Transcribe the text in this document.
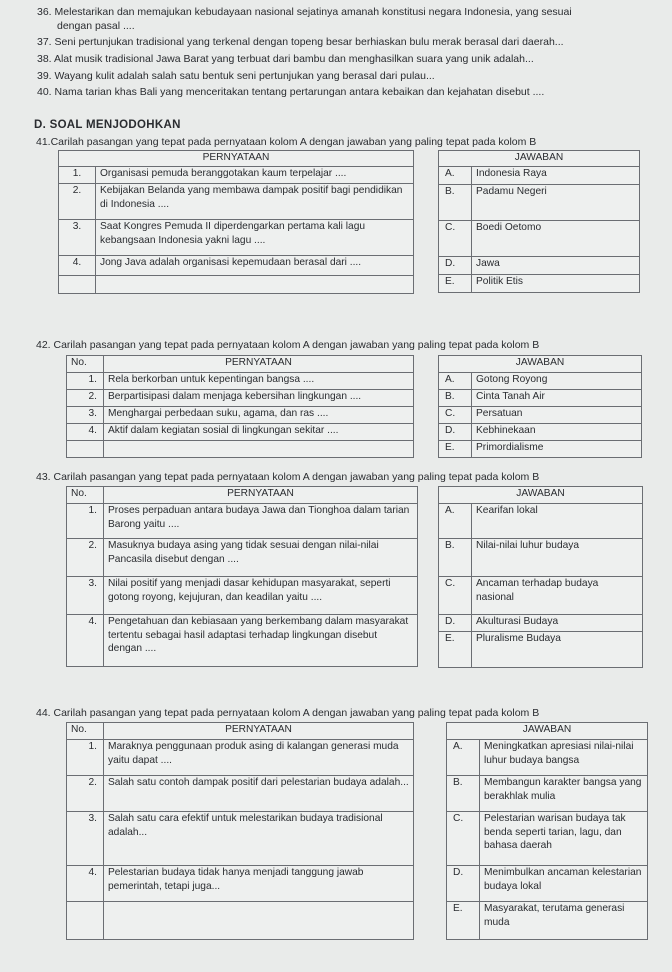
36. Melestarikan dan memajukan kebudayaan nasional sejatinya amanah konstitusi negara Indonesia, yang sesuai
dengan pasal ....
37. Seni pertunjukan tradisional yang terkenal dengan topeng besar berhiaskan bulu merak berasal dari daerah...
38. Alat musik tradisional Jawa Barat yang terbuat dari bambu dan menghasilkan suara yang unik adalah...
39. Wayang kulit adalah salah satu bentuk seni pertunjukan yang berasal dari pulau...
40. Nama tarian khas Bali yang menceritakan tentang pertarungan antara kebaikan dan kejahatan disebut ....
D. SOAL MENJODOHKAN
41.Carilah pasangan yang tepat pada pernyataan kolom A dengan jawaban yang paling tepat pada kolom B
PERNYATAAN	
1.	Organisasi pemuda beranggotakan kaum terpelajar ....
2.	Kebijakan Belanda yang membawa dampak positif bagi pendidikan di Indonesia ....
3.	Saat Kongres Pemuda II diperdengarkan pertama kali lagu kebangsaan Indonesia yakni lagu ....
4.	Jong Java adalah organisasi kepemudaan berasal dari ....

JAWABAN	
A.	Indonesia Raya
B.	Padamu Negeri
C.	Boedi Oetomo
D.	Jawa
E.	Politik Etis
42. Carilah pasangan yang tepat pada pernyataan kolom A dengan jawaban yang paling tepat pada kolom B
No.	PERNYATAAN
1.	Rela berkorban untuk kepentingan bangsa ....
2.	Berpartisipasi dalam menjaga kebersihan lingkungan ....
3.	Menghargai perbedaan suku, agama, dan ras ....
4.	Aktif dalam kegiatan sosial di lingkungan sekitar ....

JAWABAN	
A.	Gotong Royong
B.	Cinta Tanah Air
C.	Persatuan
D.	Kebhinekaan
E.	Primordialisme
43. Carilah pasangan yang tepat pada pernyataan kolom A dengan jawaban yang paling tepat pada kolom B
No.	PERNYATAAN
1.	Proses perpaduan antara budaya Jawa dan Tionghoa dalam tarian Barong yaitu ....
2.	Masuknya budaya asing yang tidak sesuai dengan nilai-nilai Pancasila disebut dengan ....
3.	Nilai positif yang menjadi dasar kehidupan masyarakat, seperti gotong royong, kejujuran, dan keadilan yaitu ....
4.	Pengetahuan dan kebiasaan yang berkembang dalam masyarakat tertentu sebagai hasil adaptasi terhadap lingkungan disebut dengan ....
JAWABAN	
A.	Kearifan lokal
B.	Nilai-nilai luhur budaya
C.	Ancaman terhadap budaya nasional
D.	Akulturasi Budaya
E.	Pluralisme Budaya
44. Carilah pasangan yang tepat pada pernyataan kolom A dengan jawaban yang paling tepat pada kolom B
No.	PERNYATAAN
1.	Maraknya penggunaan produk asing di kalangan generasi muda yaitu dapat ....
2.	Salah satu contoh dampak positif dari pelestarian budaya adalah...
3.	Salah satu cara efektif untuk melestarikan budaya tradisional adalah...
4.	Pelestarian budaya tidak hanya menjadi tanggung jawab pemerintah, tetapi juga...

JAWABAN	
A.	Meningkatkan apresiasi nilai-nilai luhur budaya bangsa
B.	Membangun karakter bangsa yang berakhlak mulia
C.	Pelestarian warisan budaya tak benda seperti tarian, lagu, dan bahasa daerah
D.	Menimbulkan ancaman kelestarian budaya lokal
E.	Masyarakat, terutama generasi muda
